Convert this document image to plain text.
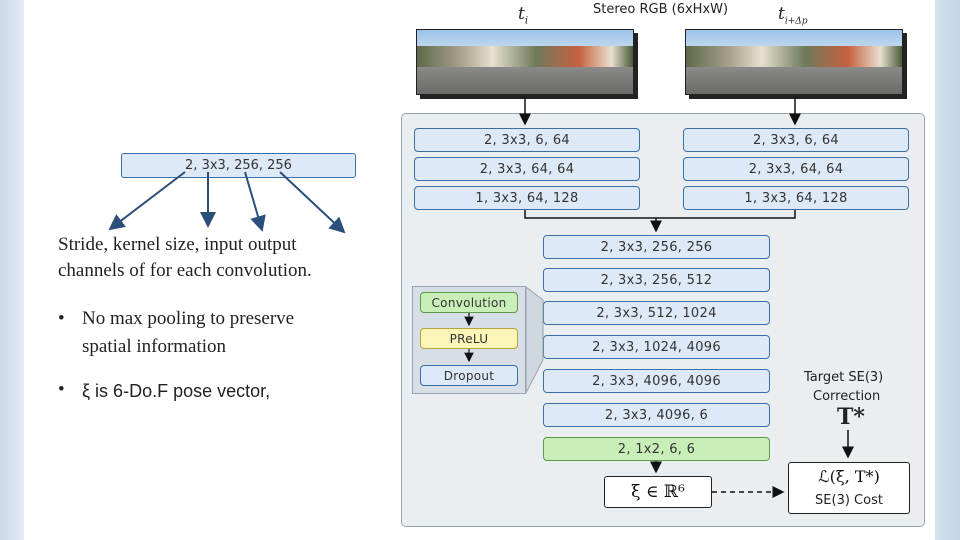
2, 3x3, 256, 256
Stride, kernel size, input output
channels of for each convolution.
• No max pooling to preserve
spatial information
• ξ is 6-Do.F pose vector,
$t_i$
Stereo RGB (6xHxW)	$t_{i+\Delta p}$
2, 3x3, 6, 64
2, 3x3, 64, 64
1, 3x3, 64, 128
2, 3x3, 6, 64
2, 3x3, 64, 64
1, 3x3, 64, 128
2, 3x3, 256, 256
2, 3x3, 256, 512
2, 3x3, 512, 1024
2, 3x3, 1024, 4096
2, 3x3, 4096, 4096
2, 3x3, 4096, 6
2, 1x2, 6, 6
Convolution
PReLU
Dropout	Target SE(3)
Correction
T*
ξ ∈ ℝ⁶
ℒ(ξ, T*)
SE(3) Cost
